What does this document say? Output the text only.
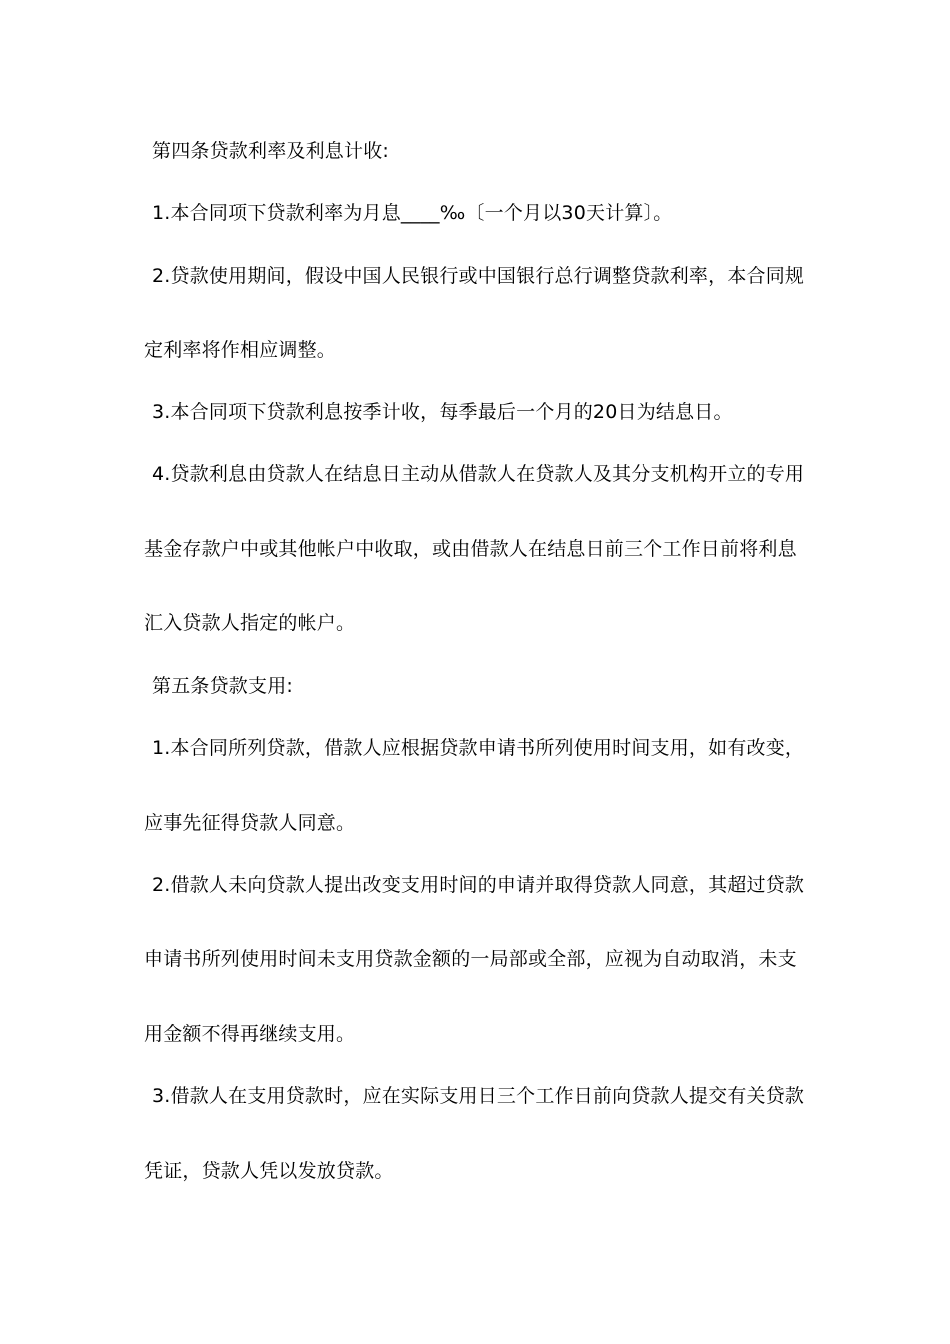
第四条贷款利率及利息计收:

1.本合同项下贷款利率为月息____‰〔一个月以30天计算〕。

2.贷款使用期间，假设中国人民银行或中国银行总行调整贷款利率，本合同规

定利率将作相应调整。

3.本合同项下贷款利息按季计收，每季最后一个月的20日为结息日。

4.贷款利息由贷款人在结息日主动从借款人在贷款人及其分支机构开立的专用

基金存款户中或其他帐户中收取，或由借款人在结息日前三个工作日前将利息

汇入贷款人指定的帐户。

第五条贷款支用:

1.本合同所列贷款，借款人应根据贷款申请书所列使用时间支用，如有改变，

应事先征得贷款人同意。

2.借款人未向贷款人提出改变支用时间的申请并取得贷款人同意，其超过贷款

申请书所列使用时间未支用贷款金额的一局部或全部，应视为自动取消，未支

用金额不得再继续支用。

3.借款人在支用贷款时，应在实际支用日三个工作日前向贷款人提交有关贷款

凭证，贷款人凭以发放贷款。
